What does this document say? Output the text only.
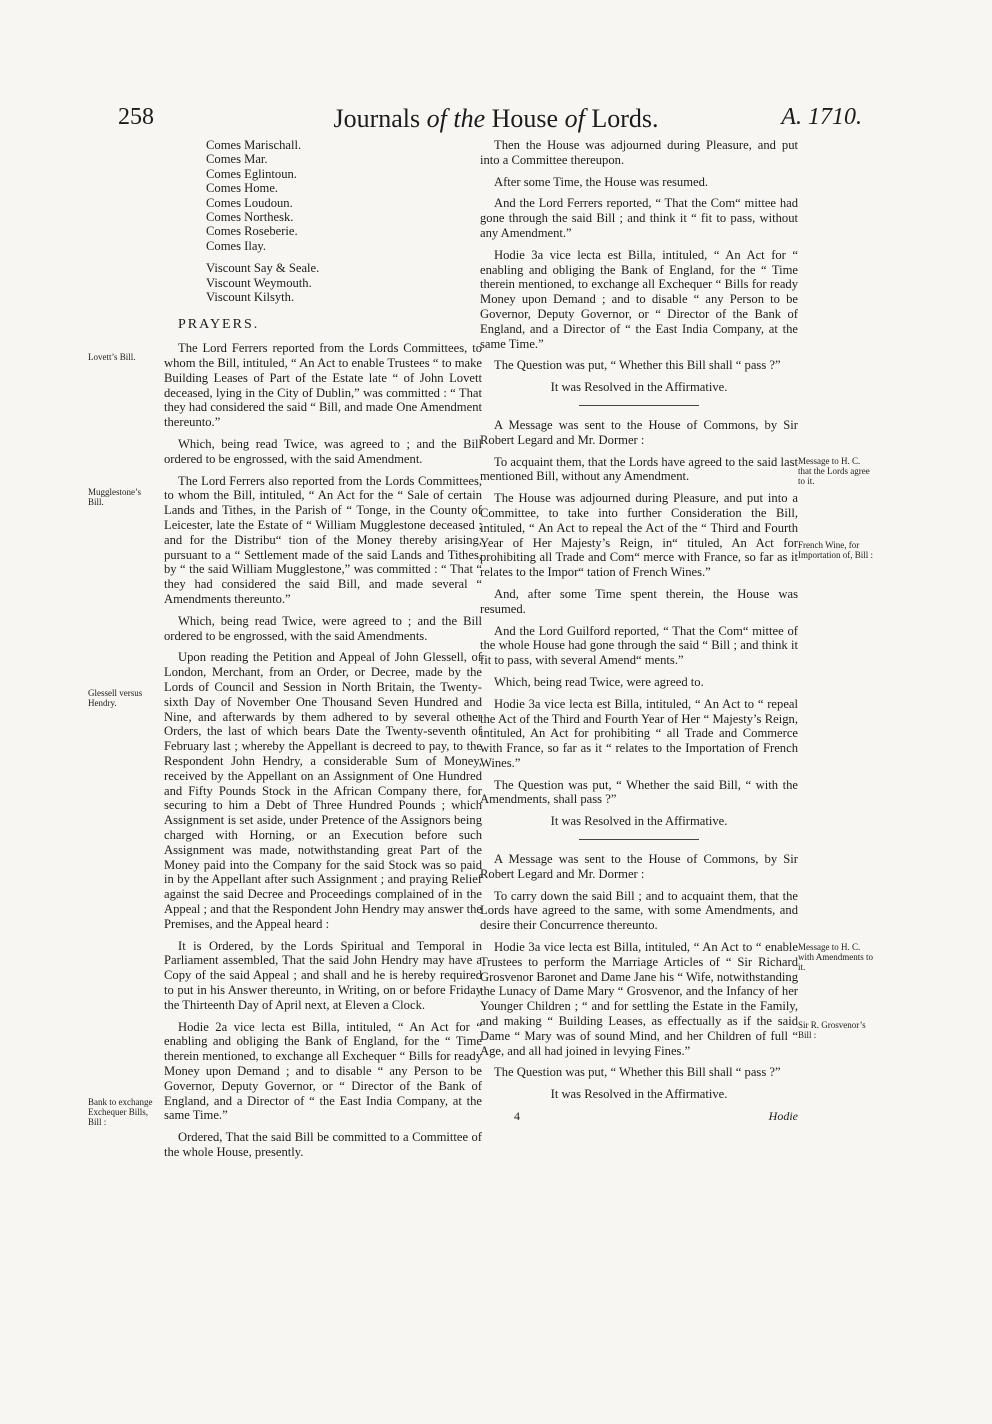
258	Journals of the House of Lords.	A. 1710.
Comes Marischall.
Comes Mar.
Comes Eglintoun.
Comes Home.
Comes Loudoun.
Comes Northesk.
Comes Roseberie.
Comes Ilay.
Viscount Say & Seale.
Viscount Weymouth.
Viscount Kilsyth.
PRAYERS.

The Lord Ferrers reported from the Lords Committees, to whom the Bill, intituled, “ An Act to enable Trustees “ to make Building Leases of Part of the Estate late “ of John Lovett deceased, lying in the City of Dublin,” was committed : “ That they had considered the said “ Bill, and made One Amendment thereunto.”

Which, being read Twice, was agreed to ; and the Bill ordered to be engrossed, with the said Amendment.

The Lord Ferrers also reported from the Lords Committees, to whom the Bill, intituled, “ An Act for the “ Sale of certain Lands and Tithes, in the Parish of “ Tonge, in the County of Leicester, late the Estate of “ William Mugglestone deceased ; and for the Distribu“ tion of the Money thereby arising, pursuant to a “ Settlement made of the said Lands and Tithes, by “ the said William Mugglestone,” was committed : “ That “ they had considered the said Bill, and made several “ Amendments thereunto.”

Which, being read Twice, were agreed to ; and the Bill ordered to be engrossed, with the said Amendments.

Upon reading the Petition and Appeal of John Glessell, of London, Merchant, from an Order, or Decree, made by the Lords of Council and Session in North Britain, the Twenty-sixth Day of November One Thousand Seven Hundred and Nine, and afterwards by them adhered to by several other Orders, the last of which bears Date the Twenty-seventh of February last ; whereby the Appellant is decreed to pay, to the Respondent John Hendry, a considerable Sum of Money, received by the Appellant on an Assignment of One Hundred and Fifty Pounds Stock in the African Company there, for securing to him a Debt of Three Hundred Pounds ; which Assignment is set aside, under Pretence of the Assignors being charged with Horning, or an Execution before such Assignment was made, notwithstanding great Part of the Money paid into the Company for the said Stock was so paid in by the Appellant after such Assignment ; and praying Relief against the said Decree and Proceedings complained of in the Appeal ; and that the Respondent John Hendry may answer the Premises, and the Appeal heard :

It is Ordered, by the Lords Spiritual and Temporal in Parliament assembled, That the said John Hendry may have a Copy of the said Appeal ; and shall and he is hereby required to put in his Answer thereunto, in Writing, on or before Friday the Thirteenth Day of April next, at Eleven a Clock.

Hodie 2a vice lecta est Billa, intituled, “ An Act for “ enabling and obliging the Bank of England, for the “ Time therein mentioned, to exchange all Exchequer “ Bills for ready Money upon Demand ; and to disable “ any Person to be Governor, Deputy Governor, or “ Director of the Bank of England, and a Director of “ the East India Company, at the same Time.”

Ordered, That the said Bill be committed to a Committee of the whole House, presently.

Then the House was adjourned during Pleasure, and put into a Committee thereupon.

After some Time, the House was resumed.

And the Lord Ferrers reported, “ That the Com“ mittee had gone through the said Bill ; and think it “ fit to pass, without any Amendment.”

Hodie 3a vice lecta est Billa, intituled, “ An Act for “ enabling and obliging the Bank of England, for the “ Time therein mentioned, to exchange all Exchequer “ Bills for ready Money upon Demand ; and to disable “ any Person to be Governor, Deputy Governor, or “ Director of the Bank of England, and a Director of “ the East India Company, at the same Time.”

The Question was put, “ Whether this Bill shall “ pass ?”

It was Resolved in the Affirmative.

A Message was sent to the House of Commons, by Sir Robert Legard and Mr. Dormer :

To acquaint them, that the Lords have agreed to the said last mentioned Bill, without any Amendment.

The House was adjourned during Pleasure, and put into a Committee, to take into further Consideration the Bill, intituled, “ An Act to repeal the Act of the “ Third and Fourth Year of Her Majesty’s Reign, in“ tituled, An Act for prohibiting all Trade and Com“ merce with France, so far as it relates to the Impor“ tation of French Wines.”

And, after some Time spent therein, the House was resumed.

And the Lord Guilford reported, “ That the Com“ mittee of the whole House had gone through the said “ Bill ; and think it fit to pass, with several Amend“ ments.”

Which, being read Twice, were agreed to.

Hodie 3a vice lecta est Billa, intituled, “ An Act to “ repeal the Act of the Third and Fourth Year of Her “ Majesty’s Reign, intituled, An Act for prohibiting “ all Trade and Commerce with France, so far as it “ relates to the Importation of French Wines.”

The Question was put, “ Whether the said Bill, “ with the Amendments, shall pass ?”

It was Resolved in the Affirmative.

A Message was sent to the House of Commons, by Sir Robert Legard and Mr. Dormer :

To carry down the said Bill ; and to acquaint them, that the Lords have agreed to the same, with some Amendments, and desire their Concurrence thereunto.

Hodie 3a vice lecta est Billa, intituled, “ An Act to “ enable Trustees to perform the Marriage Articles of “ Sir Richard Grosvenor Baronet and Dame Jane his “ Wife, notwithstanding the Lunacy of Dame Mary “ Grosvenor, and the Infancy of her Younger Children ; “ and for settling the Estate in the Family, and making “ Building Leases, as effectually as if the said Dame “ Mary was of sound Mind, and her Children of full “ Age, and all had joined in levying Fines.”

The Question was put, “ Whether this Bill shall “ pass ?”

It was Resolved in the Affirmative.

4	Hodie
Lovett’s Bill.
Mugglestone’s Bill.
Glessell versus Hendry.
Bank to exchange Exchequer Bills, Bill :
Message to H. C. that the Lords agree to it.
French Wine, for Importation of, Bill :
Message to H. C. with Amendments to it.
Sir R. Grosvenor’s Bill :
